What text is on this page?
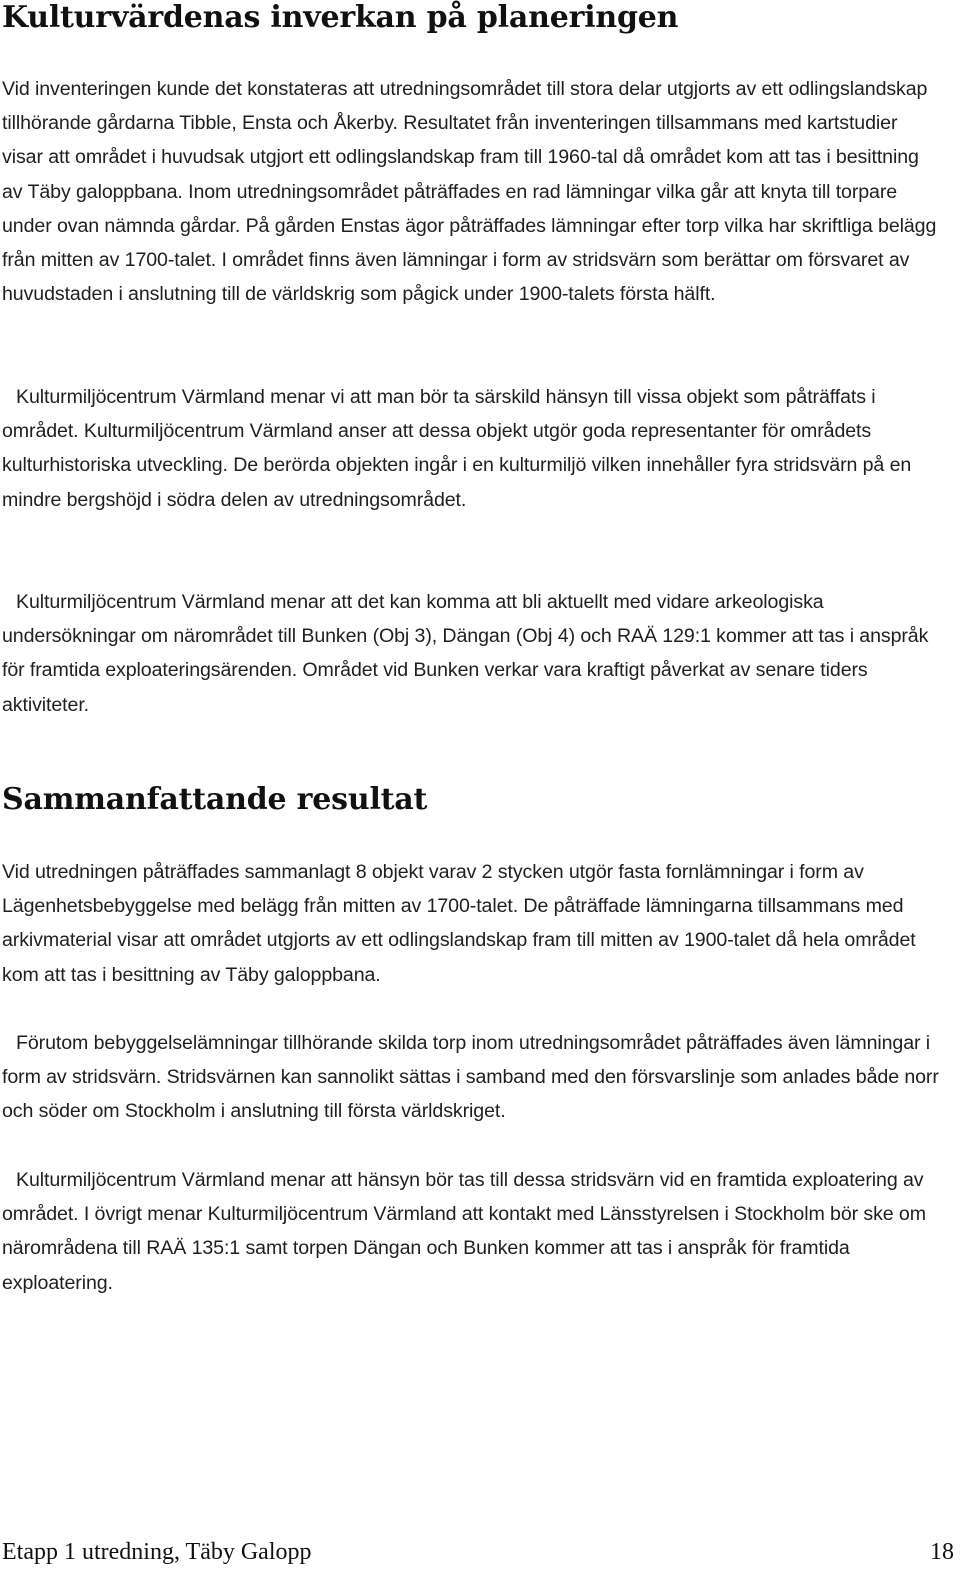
Kulturvärdenas inverkan på planeringen

Vid inventeringen kunde det konstateras att utredningsområdet till stora delar utgjorts av ett odlingslandskap tillhörande gårdarna Tibble, Ensta och Åkerby. Resultatet från inventeringen tillsammans med kartstudier visar att området i huvudsak utgjort ett odlingslandskap fram till 1960-tal då området kom att tas i besittning av Täby galoppbana. Inom utredningsområdet påträffades en rad lämningar vilka går att knyta till torpare under ovan nämnda gårdar. På gården Enstas ägor påträffades lämningar efter torp vilka har skriftliga belägg från mitten av 1700-talet. I området finns även lämningar i form av stridsvärn som berättar om försvaret av huvudstaden i anslutning till de världskrig som pågick under 1900-talets första hälft.

Kulturmiljöcentrum Värmland menar vi att man bör ta särskild hänsyn till vissa objekt som påträffats i området. Kulturmiljöcentrum Värmland anser att dessa objekt utgör goda representanter för områdets kulturhistoriska utveckling. De berörda objekten ingår i en kulturmiljö vilken innehåller fyra stridsvärn på en mindre bergshöjd i södra delen av utredningsområdet.

Kulturmiljöcentrum Värmland menar att det kan komma att bli aktuellt med vidare arkeologiska undersökningar om närområdet till Bunken (Obj 3), Dängan (Obj 4) och RAÄ 129:1 kommer att tas i anspråk för framtida exploateringsärenden. Området vid Bunken verkar vara kraftigt påverkat av senare tiders aktiviteter.

Sammanfattande resultat

Vid utredningen påträffades sammanlagt 8 objekt varav 2 stycken utgör fasta fornlämningar i form av Lägenhetsbebyggelse med belägg från mitten av 1700-talet. De påträffade lämningarna tillsammans med arkivmaterial visar att området utgjorts av ett odlingslandskap fram till mitten av 1900-talet då hela området kom att tas i besittning av Täby galoppbana.

Förutom bebyggelselämningar tillhörande skilda torp inom utredningsområdet påträffades även lämningar i form av stridsvärn. Stridsvärnen kan sannolikt sättas i samband med den försvarslinje som anlades både norr och söder om Stockholm i anslutning till första världskriget.

Kulturmiljöcentrum Värmland menar att hänsyn bör tas till dessa stridsvärn vid en framtida exploatering av området. I övrigt menar Kulturmiljöcentrum Värmland att kontakt med Länsstyrelsen i Stockholm bör ske om närområdena till RAÄ 135:1 samt torpen Dängan och Bunken kommer att tas i anspråk för framtida exploatering.

Etapp 1 utredning, Täby Galopp	18
